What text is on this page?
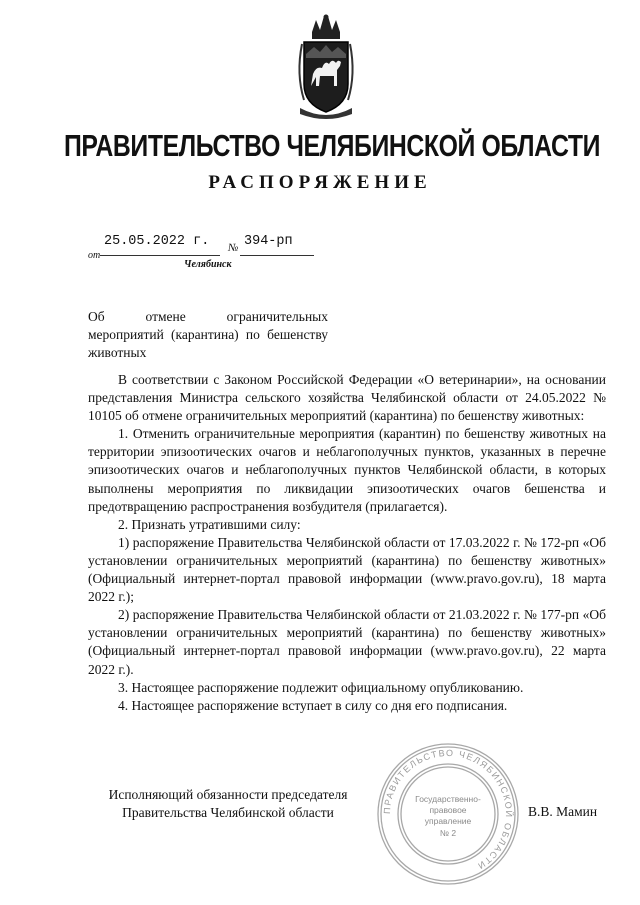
ПРАВИТЕЛЬСТВО ЧЕЛЯБИНСКОЙ ОБЛАСТИ
РАСПОРЯЖЕНИЕ
от
25.05.2022 г. № 394-рп
Челябинск
Об отмене ограничительных мероприятий (карантина) по бешенству животных

В соответствии с Законом Российской Федерации «О ветеринарии», на основании представления Министра сельского хозяйства Челябинской области от 24.05.2022 № 10105 об отмене ограничительных мероприятий (карантина) по бешенству животных:

1. Отменить ограничительные мероприятия (карантин) по бешенству животных на территории эпизоотических очагов и неблагополучных пунктов, указанных в перечне эпизоотических очагов и неблагополучных пунктов Челябинской области, в которых выполнены мероприятия по ликвидации эпизоотических очагов бешенства и предотвращению распространения возбудителя (прилагается).

2. Признать утратившими силу:

1) распоряжение Правительства Челябинской области от 17.03.2022 г. № 172-рп «Об установлении ограничительных мероприятий (карантина) по бешенству животных» (Официальный интернет-портал правовой информации (www.pravo.gov.ru), 18 марта 2022 г.);

2) распоряжение Правительства Челябинской области от 21.03.2022 г. № 177-рп «Об установлении ограничительных мероприятий (карантина) по бешенству животных» (Официальный интернет-портал правовой информации (www.pravo.gov.ru), 22 марта 2022 г.).

3. Настоящее распоряжение подлежит официальному опубликованию.

4. Настоящее распоряжение вступает в силу со дня его подписания.

Исполняющий обязанности председателя
Правительства Челябинской области	В.В. Мамин
ПРАВИТЕЛЬСТВО ЧЕЛЯБИНСКОЙ ОБЛАСТИ
Государственно-
правовое
управление
№ 2
